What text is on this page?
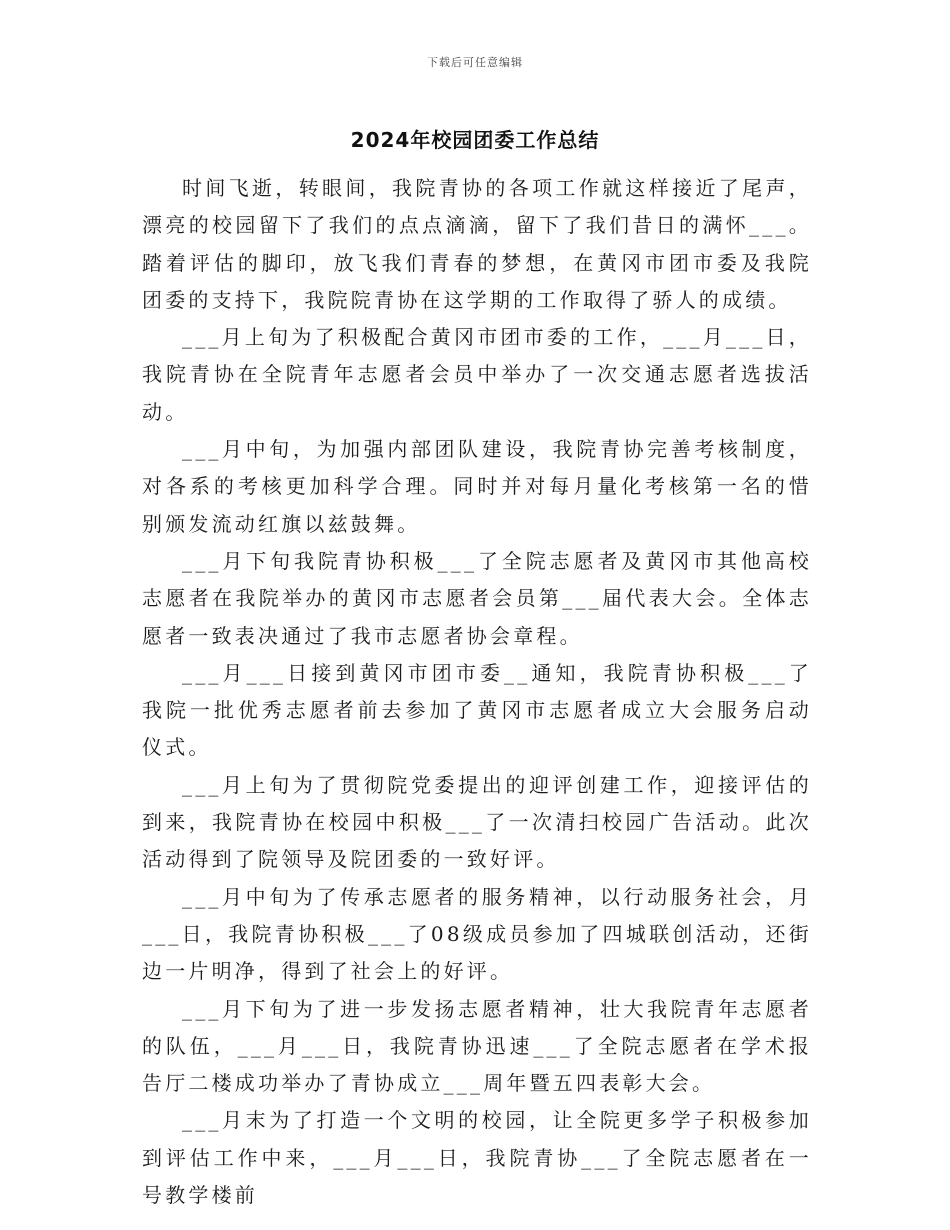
下载后可任意编辑
2024年校园团委工作总结

时间飞逝，转眼间，我院青协的各项工作就这样接近了尾声，漂亮的校园留下了我们的点点滴滴，留下了我们昔日的满怀___。踏着评估的脚印，放飞我们青春的梦想，在黄冈市团市委及我院团委的支持下，我院院青协在这学期的工作取得了骄人的成绩。

___月上旬为了积极配合黄冈市团市委的工作，___月___日，我院青协在全院青年志愿者会员中举办了一次交通志愿者选拔活动。

___月中旬，为加强内部团队建设，我院青协完善考核制度，对各系的考核更加科学合理。同时并对每月量化考核第一名的惜别颁发流动红旗以兹鼓舞。

___月下旬我院青协积极___了全院志愿者及黄冈市其他高校志愿者在我院举办的黄冈市志愿者会员第___届代表大会。全体志愿者一致表决通过了我市志愿者协会章程。

___月___日接到黄冈市团市委__通知，我院青协积极___了我院一批优秀志愿者前去参加了黄冈市志愿者成立大会服务启动仪式。

___月上旬为了贯彻院党委提出的迎评创建工作，迎接评估的到来，我院青协在校园中积极___了一次清扫校园广告活动。此次活动得到了院领导及院团委的一致好评。

___月中旬为了传承志愿者的服务精神，以行动服务社会，月___日，我院青协积极___了08级成员参加了四城联创活动，还街边一片明净，得到了社会上的好评。

___月下旬为了进一步发扬志愿者精神，壮大我院青年志愿者的队伍，___月___日，我院青协迅速___了全院志愿者在学术报告厅二楼成功举办了青协成立___周年暨五四表彰大会。

___月末为了打造一个文明的校园，让全院更多学子积极参加到评估工作中来，___月___日，我院青协___了全院志愿者在一号教学楼前
